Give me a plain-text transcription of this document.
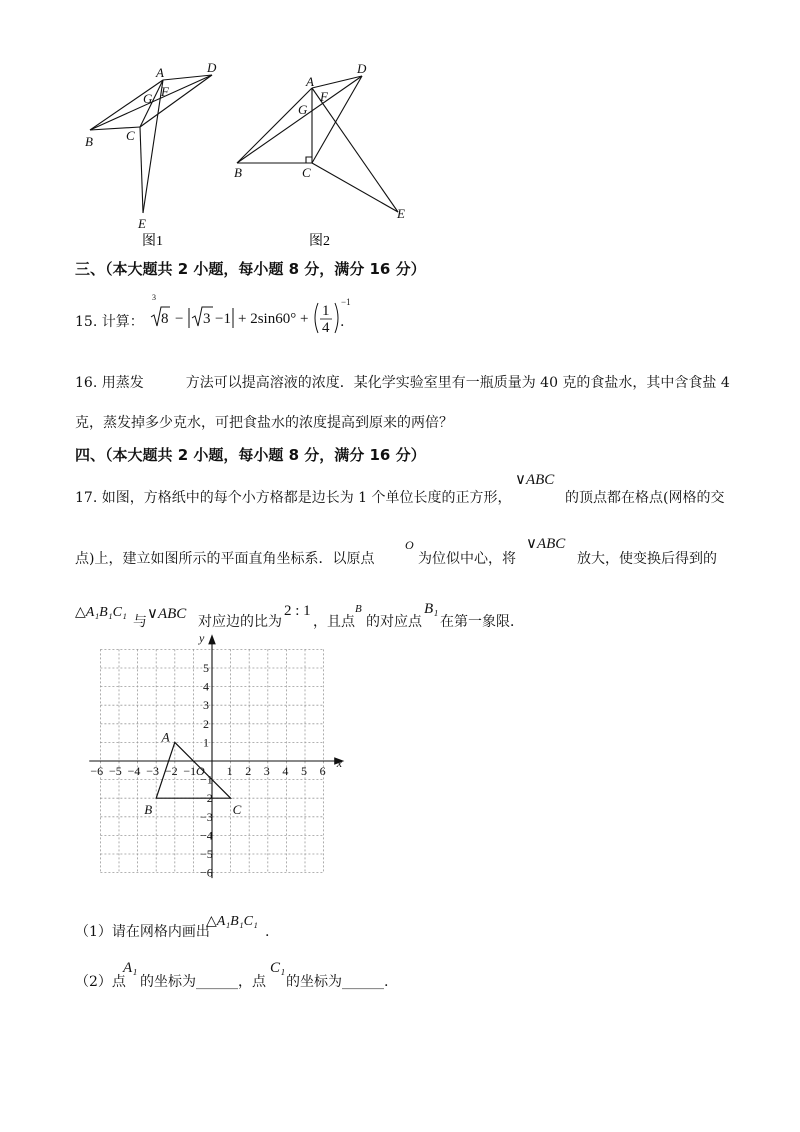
A	D
G F
B	C
E
图1
A
D
F
G
B	C
E
图2
三、（本大题共 2 小题，每小题 8 分，满分 16 分）
15. 计算：
3
8 − 3 −1 + 2sin60° + 1
4
−1
.
16. 用蒸发　　　方法可以提高溶液的浓度．某化学实验室里有一瓶质量为 40 克的食盐水，其中含食盐 4
克，蒸发掉多少克水，可把食盐水的浓度提高到原来的两倍？
四、（本大题共 2 小题，每小题 8 分，满分 16 分）
17. 如图，方格纸中的每个小方格都是边长为 1 个单位长度的正方形，
∨ABC
的顶点都在格点(网格的交
点)上，建立如图所示的平面直角坐标系．以原点
O
为位似中心，将
∨ABC
放大，使变换后得到的
△A₁B₁C₁
与 ∨ABC 对应边的比为
2 : 1
，且点
B
的对应点
B₁
在第一象限．
−6 −5 −4 −3 −2 −1	1 2 3 4 5 6
5
4
3
2
1
−1
−2
−3
−4
−5
−6
x
y
O
A
B	C
（1）请在网格内画出
△A₁B₁C₁
.
（2）点
A₁
的坐标为______，点
C₁
的坐标为______.
